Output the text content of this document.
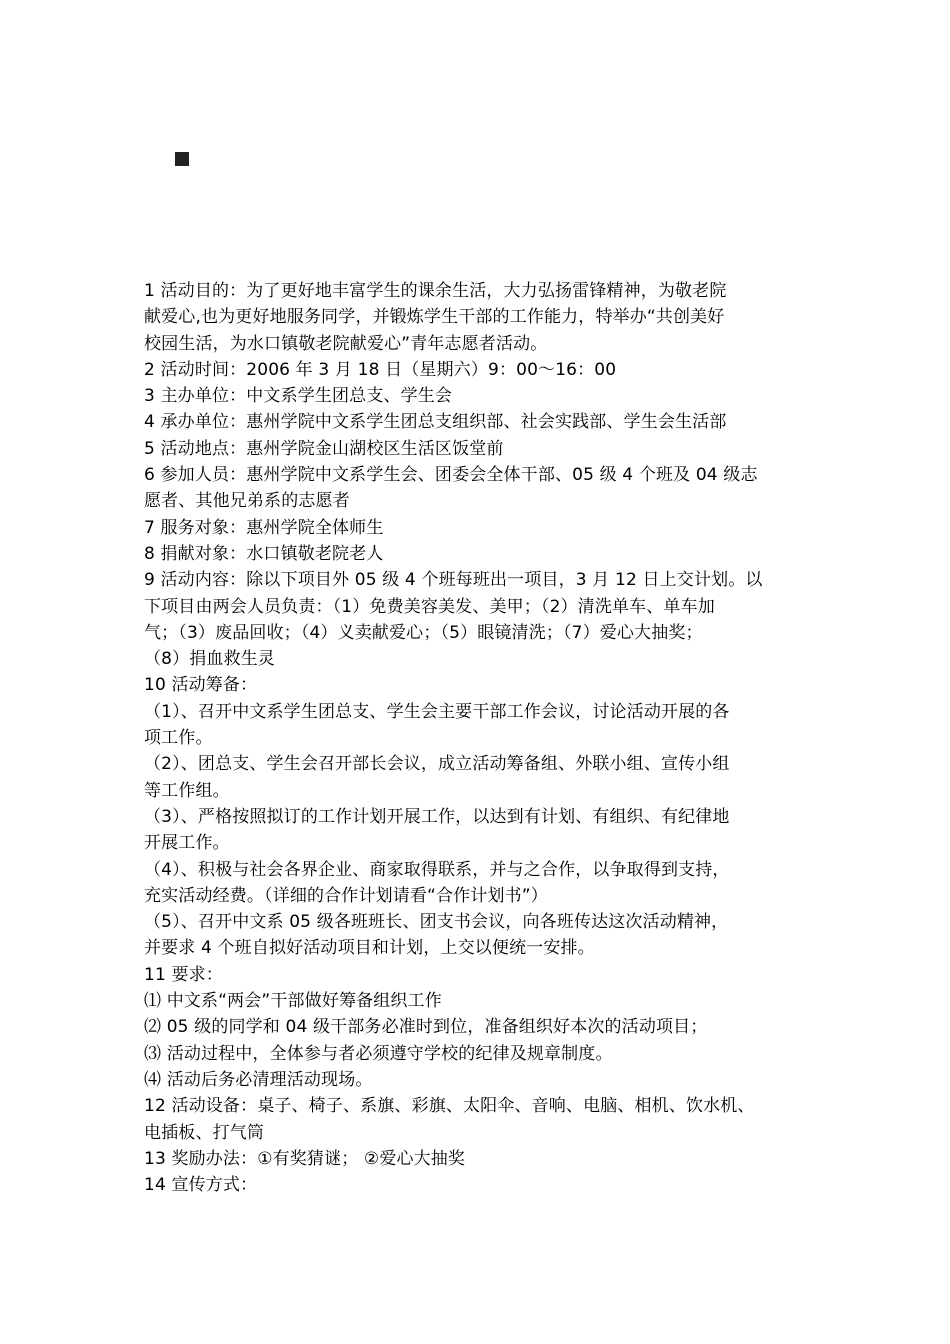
1 活动目的：为了更好地丰富学生的课余生活，大力弘扬雷锋精神，为敬老院
献爱心,也为更好地服务同学，并锻炼学生干部的工作能力，特举办“共创美好
校园生活，为水口镇敬老院献爱心”青年志愿者活动。
2 活动时间：2006 年 3 月 18 日（星期六）9：00～16：00
3 主办单位：中文系学生团总支、学生会
4 承办单位：惠州学院中文系学生团总支组织部、社会实践部、学生会生活部
5 活动地点：惠州学院金山湖校区生活区饭堂前
6 参加人员：惠州学院中文系学生会、团委会全体干部、05 级 4 个班及 04 级志
愿者、其他兄弟系的志愿者
7 服务对象：惠州学院全体师生
8 捐献对象：水口镇敬老院老人
9 活动内容：除以下项目外 05 级 4 个班每班出一项目，3 月 12 日上交计划。以
下项目由两会人员负责：（1）免费美容美发、美甲；（2）清洗单车、单车加
气；（3）废品回收；（4）义卖献爱心；（5）眼镜清洗；（7）爱心大抽奖；
（8）捐血救生灵
10 活动筹备：
（1）、召开中文系学生团总支、学生会主要干部工作会议，讨论活动开展的各
项工作。
（2）、团总支、学生会召开部长会议，成立活动筹备组、外联小组、宣传小组
等工作组。
（3）、严格按照拟订的工作计划开展工作，以达到有计划、有组织、有纪律地
开展工作。
（4）、积极与社会各界企业、商家取得联系，并与之合作，以争取得到支持，
充实活动经费。（详细的合作计划请看“合作计划书”）
（5）、召开中文系 05 级各班班长、团支书会议，向各班传达这次活动精神，
并要求 4 个班自拟好活动项目和计划，上交以便统一安排。
11 要求：
⑴ 中文系“两会”干部做好筹备组织工作
⑵ 05 级的同学和 04 级干部务必准时到位，准备组织好本次的活动项目；
⑶ 活动过程中，全体参与者必须遵守学校的纪律及规章制度。
⑷ 活动后务必清理活动现场。
12 活动设备：桌子、椅子、系旗、彩旗、太阳伞、音响、电脑、相机、饮水机、
电插板、打气筒
13 奖励办法：①有奖猜谜； ②爱心大抽奖
14 宣传方式：
